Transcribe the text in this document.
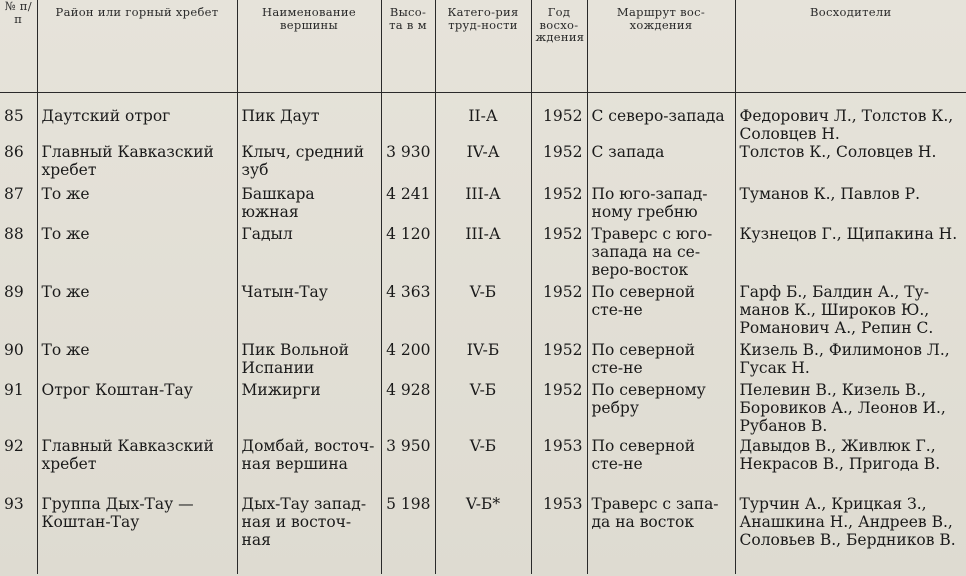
№ п/п	Район или горный хребет	Наименование вершины	Высо-та в м	Катего-рия труд-ности	Год восхо-ждения	Маршрут вос-хождения	Восходители
85	Даутский отрог	Пик Даут		II-А	1952	С северо-запада	Федорович Л., Толстов К., Соловцев Н.
86	Главный Кавказский хребет	Клыч, средний зуб	3 930	IV-А	1952	С запада	Толстов К., Соловцев Н.
87	То же	Башкара южная	4 241	III-А	1952	По юго-запад-ному гребню	Туманов К., Павлов Р.
88	То же	Гадыл	4 120	III-А	1952	Траверс с юго-запада на се-веро-восток	Кузнецов Г., Щипакина Н.
89	То же	Чатын-Тау	4 363	V-Б	1952	По северной сте-не	Гарф Б., Балдин А., Ту-манов К., Широков Ю., Романович А., Репин С.
90	То же	Пик Вольной Испании	4 200	IV-Б	1952	По северной сте-не	Кизель В., Филимонов Л., Гусак Н.
91	Отрог Коштан-Тау	Мижирги	4 928	V-Б	1952	По северному ребру	Пелевин В., Кизель В., Боровиков А., Леонов И., Рубанов В.
92	Главный Кавказский хребет	Домбай, восточ-ная вершина	3 950	V-Б	1953	По северной сте-не	Давыдов В., Живлюк Г., Некрасов В., Пригода В.
93	Группа Дых-Тау — Коштан-Тау	Дых-Тау запад-ная и восточ-ная	5 198	V-Б*	1953	Траверс с запа-да на восток	Турчин А., Крицкая З., Анашкина Н., Андреев В., Соловьев В., Бердников В.
